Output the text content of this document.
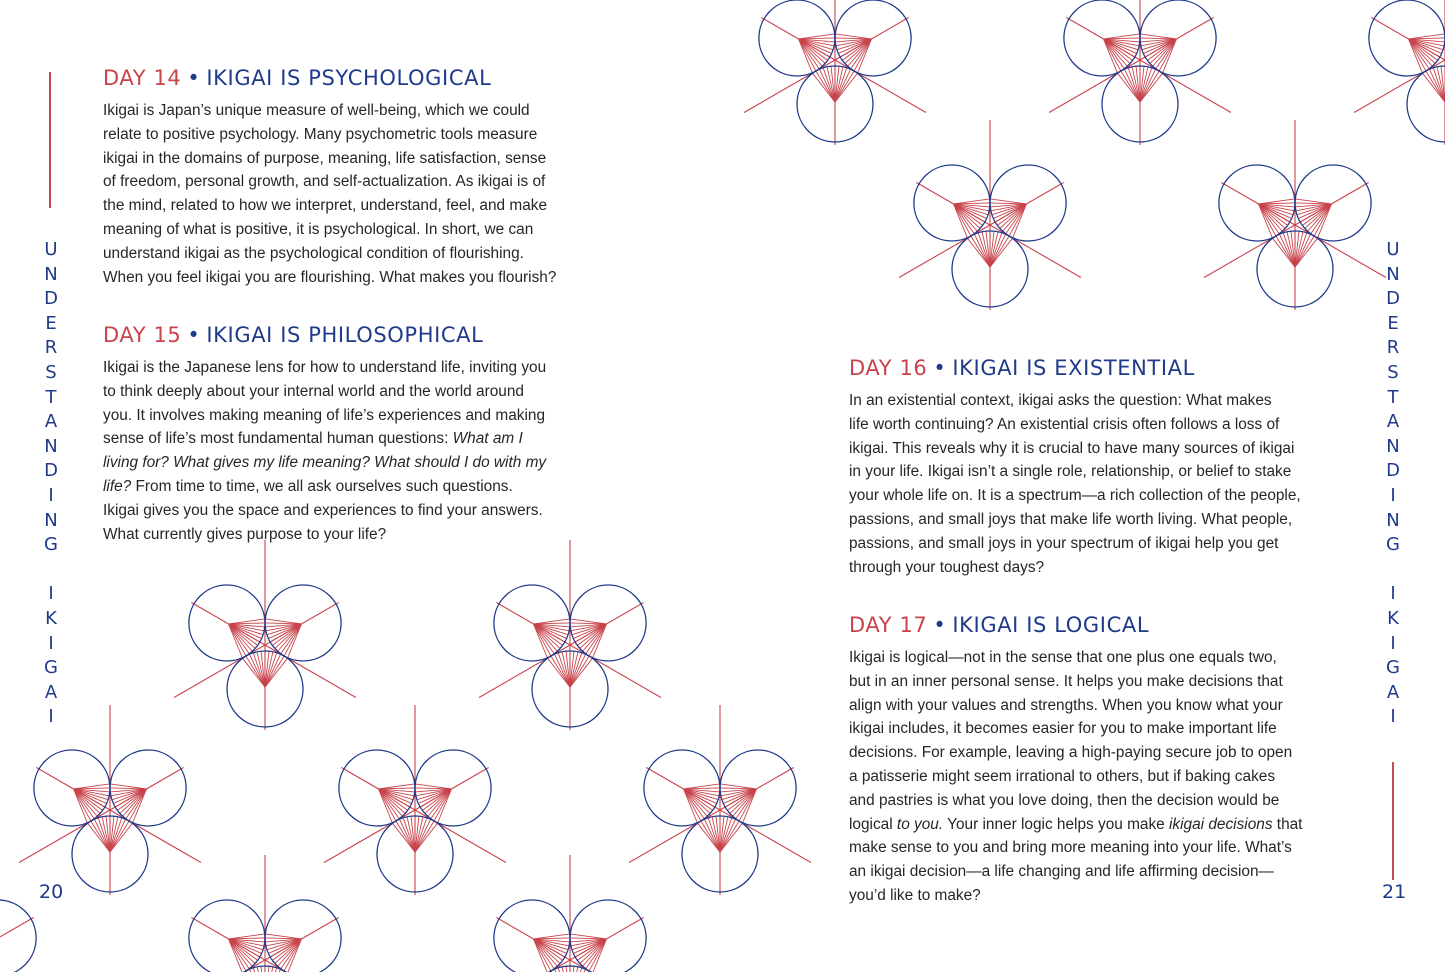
U
N
D
E
R
S
T
A
N
D
I
N
G
I
K
I
G
A
I
DAY 14 • IKIGAI IS PSYCHOLOGICAL

Ikigai is Japan’s unique measure of well-being, which we could
relate to positive psychology. Many psychometric tools measure
ikigai in the domains of purpose, meaning, life satisfaction, sense
of freedom, personal growth, and self-actualization. As ikigai is of
the mind, related to how we interpret, understand, feel, and make
meaning of what is positive, it is psychological. In short, we can
understand ikigai as the psychological condition of flourishing.
When you feel ikigai you are flourishing. What makes you flourish?

DAY 15 • IKIGAI IS PHILOSOPHICAL

Ikigai is the Japanese lens for how to understand life, inviting you
to think deeply about your internal world and the world around
you. It involves making meaning of life’s experiences and making
sense of life’s most fundamental human questions: What am I
living for? What gives my life meaning? What should I do with my
life? From time to time, we all ask ourselves such questions.
Ikigai gives you the space and experiences to find your answers.
What currently gives purpose to your life?

20
U
N
D
E
R
S
T
A
N
D
I
N
G
I
K
I
G
A
I
DAY 16 • IKIGAI IS EXISTENTIAL

In an existential context, ikigai asks the question: What makes
life worth continuing? An existential crisis often follows a loss of
ikigai. This reveals why it is crucial to have many sources of ikigai
in your life. Ikigai isn’t a single role, relationship, or belief to stake
your whole life on. It is a spectrum—a rich collection of the people,
passions, and small joys that make life worth living. What people,
passions, and small joys in your spectrum of ikigai help you get
through your toughest days?

DAY 17 • IKIGAI IS LOGICAL

Ikigai is logical—not in the sense that one plus one equals two,
but in an inner personal sense. It helps you make decisions that
align with your values and strengths. When you know what your
ikigai includes, it becomes easier for you to make important life
decisions. For example, leaving a high-paying secure job to open
a patisserie might seem irrational to others, but if baking cakes
and pastries is what you love doing, then the decision would be
logical to you. Your inner logic helps you make ikigai decisions that
make sense to you and bring more meaning into your life. What’s
an ikigai decision—a life changing and life affirming decision—
you’d like to make?	21
